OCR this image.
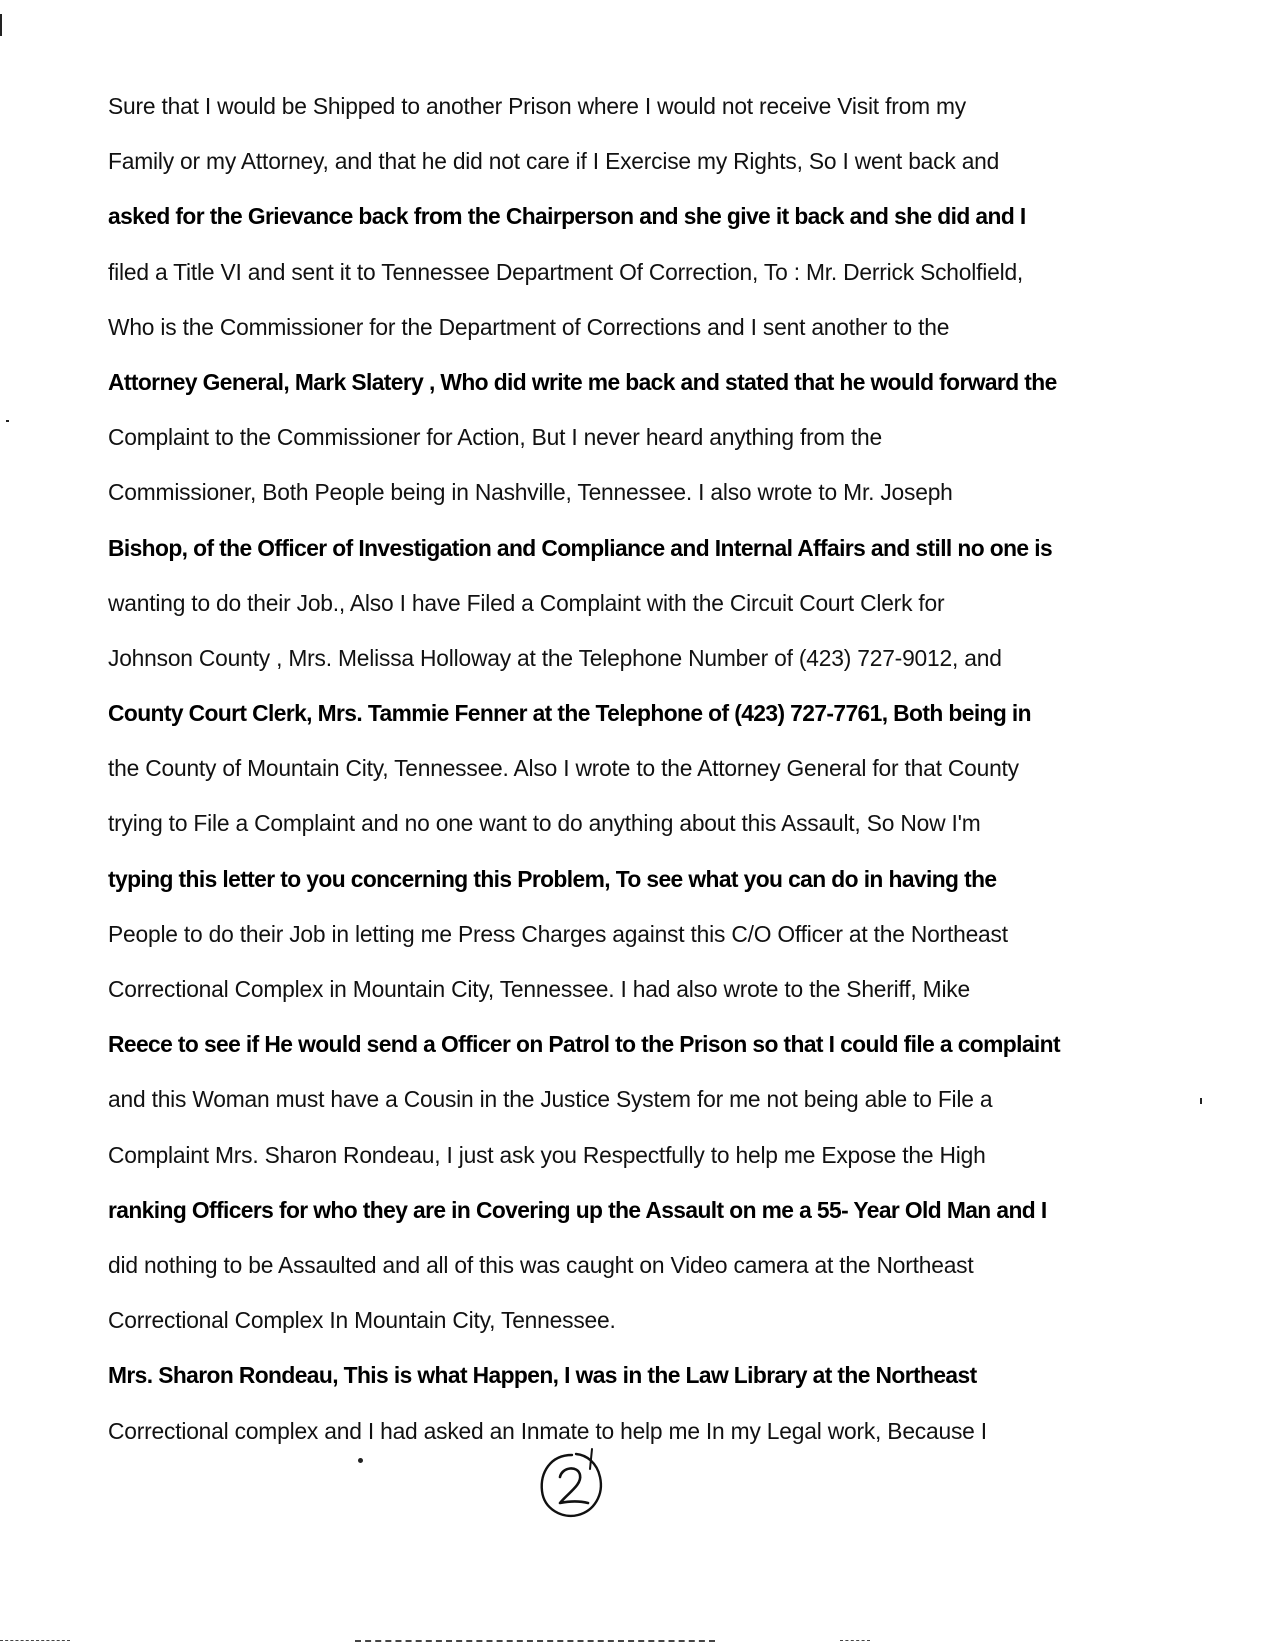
Sure that I would be Shipped to another Prison where I would not receive Visit from my
Family or my Attorney, and that he did not care if I Exercise my Rights, So I went back and
asked for the Grievance back from the Chairperson and she give it back and she did and I
filed a Title VI and sent it to Tennessee Department Of Correction, To : Mr. Derrick Scholfield,
Who is the Commissioner for the Department of Corrections and I sent another to the
Attorney General, Mark Slatery , Who did write me back and stated that he would forward the
Complaint to the Commissioner for Action, But I never heard anything from the
Commissioner, Both People being in Nashville, Tennessee. I also wrote to Mr. Joseph
Bishop, of the Officer of Investigation and Compliance and Internal Affairs and still no one is
wanting to do their Job., Also I have Filed a Complaint with the Circuit Court Clerk for
Johnson County , Mrs. Melissa Holloway at the Telephone Number of (423) 727-9012, and
County Court Clerk, Mrs. Tammie Fenner at the Telephone of (423) 727-7761, Both being in
the County of Mountain City, Tennessee. Also I wrote to the Attorney General for that County
trying to File a Complaint and no one want to do anything about this Assault, So Now I'm
typing this letter to you concerning this Problem, To see what you can do in having the
People to do their Job in letting me Press Charges against this C/O Officer at the Northeast
Correctional Complex in Mountain City, Tennessee. I had also wrote to the Sheriff, Mike
Reece to see if He would send a Officer on Patrol to the Prison so that I could file a complaint
and this Woman must have a Cousin in the Justice System for me not being able to File a
Complaint Mrs. Sharon Rondeau, I just ask you Respectfully to help me Expose the High
ranking Officers for who they are in Covering up the Assault on me a 55- Year Old Man and I
did nothing to be Assaulted and all of this was caught on Video camera at the Northeast
Correctional Complex In Mountain City, Tennessee.
Mrs. Sharon Rondeau, This is what Happen, I was in the Law Library at the Northeast
Correctional complex and I had asked an Inmate to help me In my Legal work, Because I
